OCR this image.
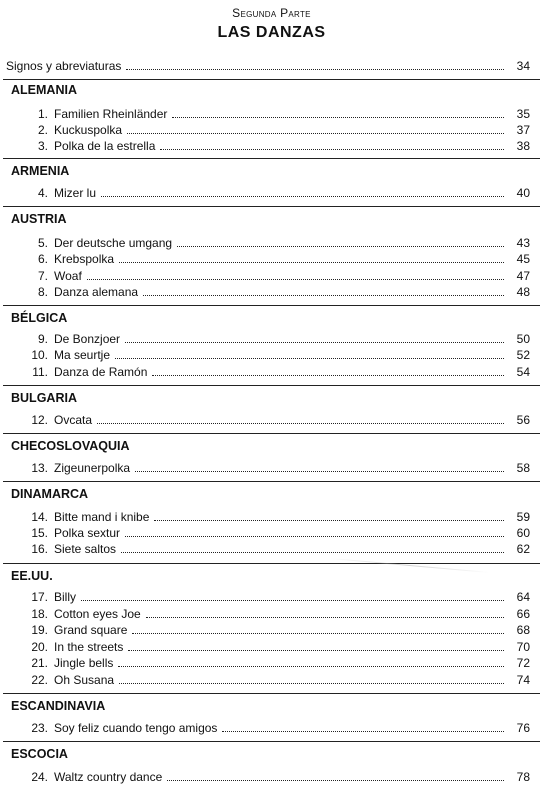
Segunda Parte
LAS DANZAS
Signos y abreviaturas	34
ALEMANIA
1. Familien Rheinländer	35
2. Kuckuspolka	37
3. Polka de la estrella	38
ARMENIA
4. Mizer lu	40
AUSTRIA
5. Der deutsche umgang	43
6. Krebspolka	45
7. Woaf	47
8. Danza alemana	48
BÉLGICA
9. De Bonzjoer	50
10. Ma seurtje	52
11. Danza de Ramón	54
BULGARIA
12. Ovcata	56
CHECOSLOVAQUIA
13. Zigeunerpolka	58
DINAMARCA
14. Bitte mand i knibe	59
15. Polka sextur	60
16. Siete saltos	62
EE.UU.
17. Billy	64
18. Cotton eyes Joe	66
19. Grand square	68
20. In the streets	70
21. Jingle bells	72
22. Oh Susana	74
ESCANDINAVIA
23. Soy feliz cuando tengo amigos	76
ESCOCIA
24. Waltz country dance	78
